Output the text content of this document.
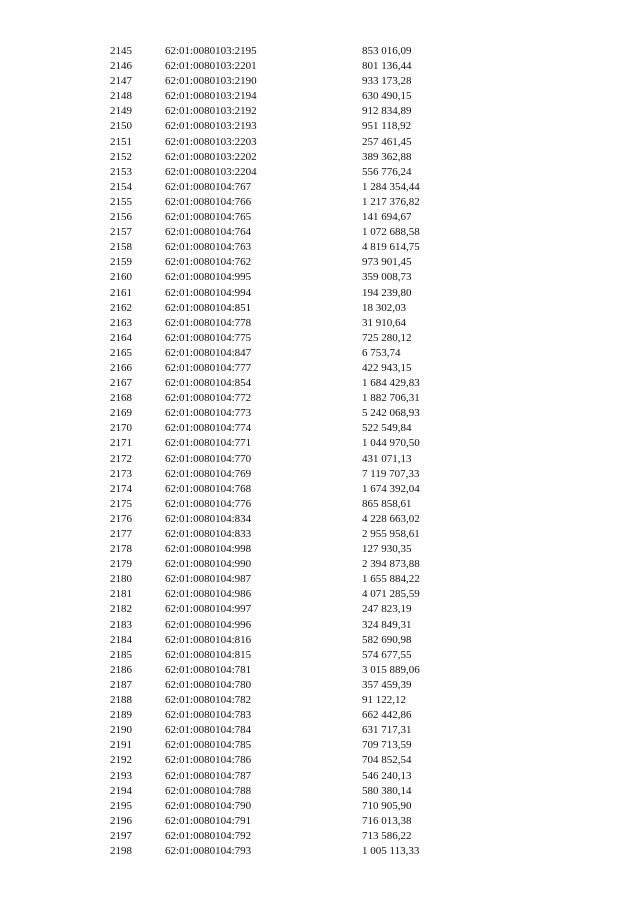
2145	62:01:0080103:2195	853 016,09
2146	62:01:0080103:2201	801 136,44
2147	62:01:0080103:2190	933 173,28
2148	62:01:0080103:2194	630 490,15
2149	62:01:0080103:2192	912 834,89
2150	62:01:0080103:2193	951 118,92
2151	62:01:0080103:2203	257 461,45
2152	62:01:0080103:2202	389 362,88
2153	62:01:0080103:2204	556 776,24
2154	62:01:0080104:767	1 284 354,44
2155	62:01:0080104:766	1 217 376,82
2156	62:01:0080104:765	141 694,67
2157	62:01:0080104:764	1 072 688,58
2158	62:01:0080104:763	4 819 614,75
2159	62:01:0080104:762	973 901,45
2160	62:01:0080104:995	359 008,73
2161	62:01:0080104:994	194 239,80
2162	62:01:0080104:851	18 302,03
2163	62:01:0080104:778	31 910,64
2164	62:01:0080104:775	725 280,12
2165	62:01:0080104:847	6 753,74
2166	62:01:0080104:777	422 943,15
2167	62:01:0080104:854	1 684 429,83
2168	62:01:0080104:772	1 882 706,31
2169	62:01:0080104:773	5 242 068,93
2170	62:01:0080104:774	522 549,84
2171	62:01:0080104:771	1 044 970,50
2172	62:01:0080104:770	431 071,13
2173	62:01:0080104:769	7 119 707,33
2174	62:01:0080104:768	1 674 392,04
2175	62:01:0080104:776	865 858,61
2176	62:01:0080104:834	4 228 663,02
2177	62:01:0080104:833	2 955 958,61
2178	62:01:0080104:998	127 930,35
2179	62:01:0080104:990	2 394 873,88
2180	62:01:0080104:987	1 655 884,22
2181	62:01:0080104:986	4 071 285,59
2182	62:01:0080104:997	247 823,19
2183	62:01:0080104:996	324 849,31
2184	62:01:0080104:816	582 690,98
2185	62:01:0080104:815	574 677,55
2186	62:01:0080104:781	3 015 889,06
2187	62:01:0080104:780	357 459,39
2188	62:01:0080104:782	91 122,12
2189	62:01:0080104:783	662 442,86
2190	62:01:0080104:784	631 717,31
2191	62:01:0080104:785	709 713,59
2192	62:01:0080104:786	704 852,54
2193	62:01:0080104:787	546 240,13
2194	62:01:0080104:788	580 380,14
2195	62:01:0080104:790	710 905,90
2196	62:01:0080104:791	716 013,38
2197	62:01:0080104:792	713 586,22
2198	62:01:0080104:793	1 005 113,33
